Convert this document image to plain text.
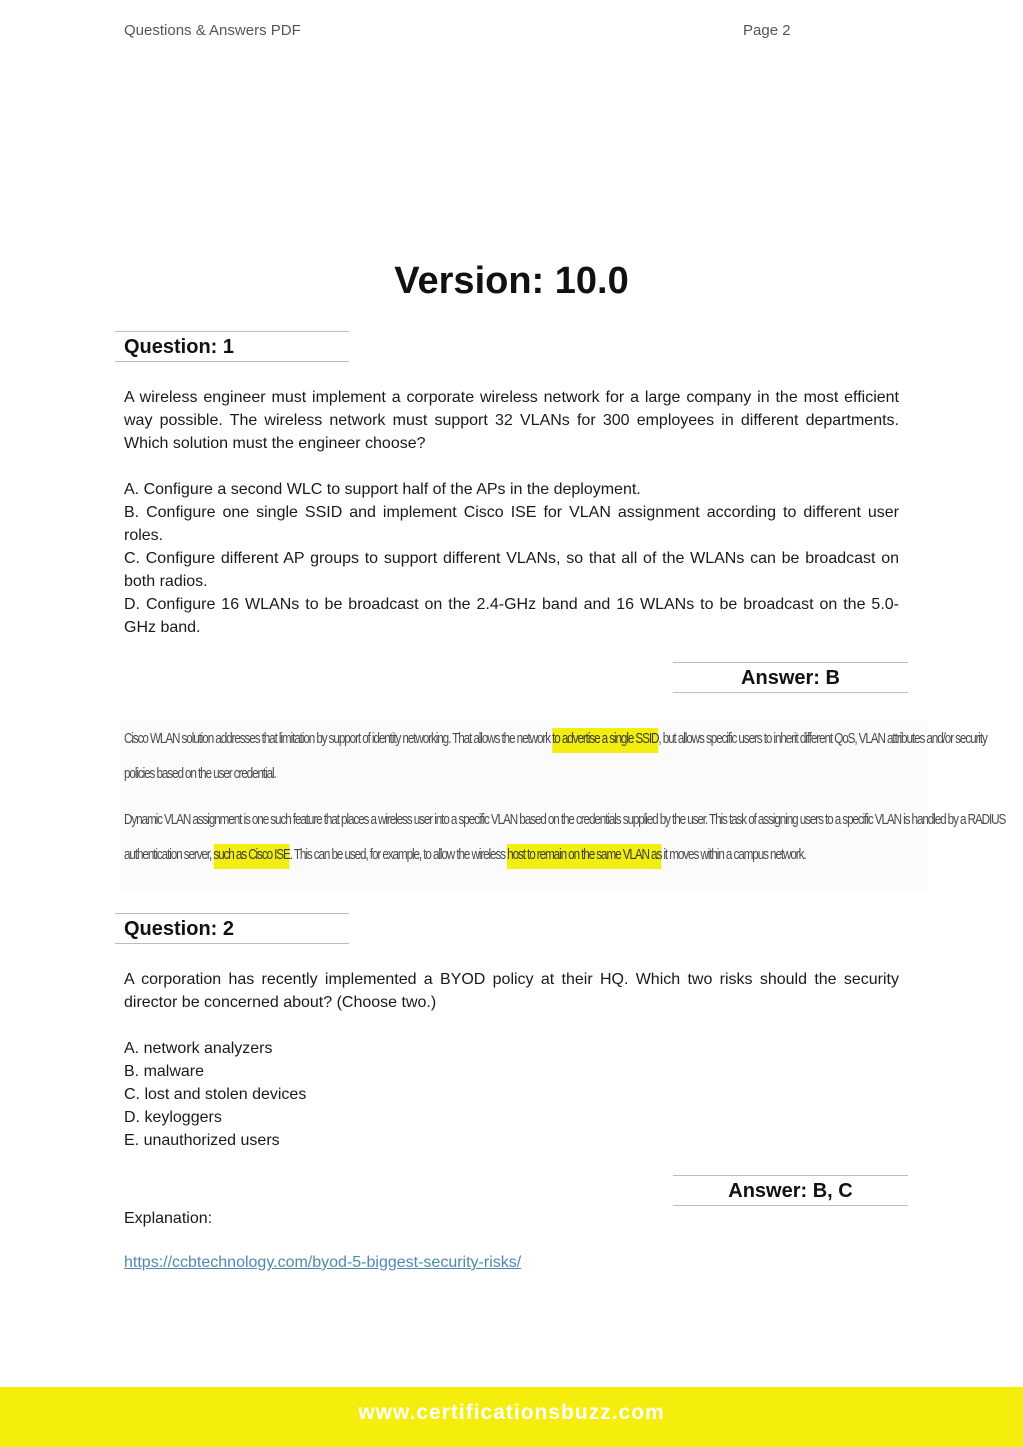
Questions & Answers PDF	Page 2
Version: 10.0
Question: 1
A wireless engineer must implement a corporate wireless network for a large company in the most efficient way possible. The wireless network must support 32 VLANs for 300 employees in different departments. Which solution must the engineer choose?
A. Configure a second WLC to support half of the APs in the deployment.
B. Configure one single SSID and implement Cisco ISE for VLAN assignment according to different user roles.
C. Configure different AP groups to support different VLANs, so that all of the WLANs can be broadcast on both radios.
D. Configure 16 WLANs to be broadcast on the 2.4-GHz band and 16 WLANs to be broadcast on the 5.0-GHz band.
Answer: B
Cisco WLAN solution addresses that limitation by support of identity networking. That allows the network to advertise a single SSID, but allows specific users to inherit different QoS, VLAN attributes and/or security
policies based on the user credential.
Dynamic VLAN assignment is one such feature that places a wireless user into a specific VLAN based on the credentials supplied by the user. This task of assigning users to a specific VLAN is handled by a RADIUS
authentication server, such as Cisco ISE. This can be used, for example, to allow the wireless host to remain on the same VLAN as it moves within a campus network.
Question: 2
A corporation has recently implemented a BYOD policy at their HQ. Which two risks should the security director be concerned about? (Choose two.)
A. network analyzers
B. malware
C. lost and stolen devices
D. keyloggers
E. unauthorized users
Answer: B, C
Explanation:
https://ccbtechnology.com/byod-5-biggest-security-risks/
www.certificationsbuzz.com
